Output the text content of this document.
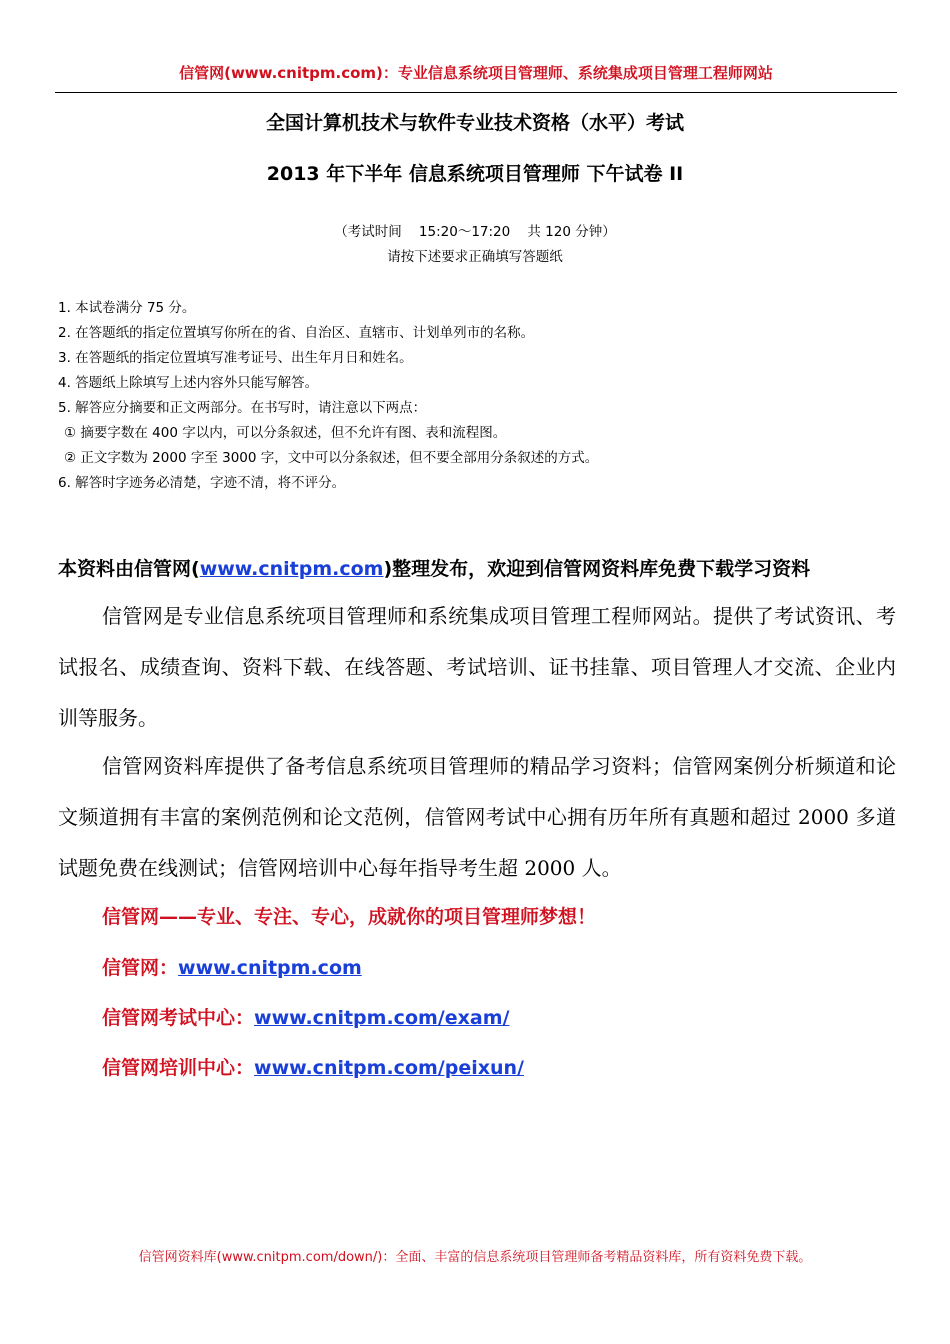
信管网(www.cnitpm.com)：专业信息系统项目管理师、系统集成项目管理工程师网站
全国计算机技术与软件专业技术资格（水平）考试
2013 年下半年 信息系统项目管理师 下午试卷 II
（考试时间    15:20～17:20    共 120 分钟）
请按下述要求正确填写答题纸
1. 本试卷满分 75 分。
2. 在答题纸的指定位置填写你所在的省、自治区、直辖市、计划单列市的名称。
3. 在答题纸的指定位置填写准考证号、出生年月日和姓名。
4. 答题纸上除填写上述内容外只能写解答。
5. 解答应分摘要和正文两部分。在书写时，请注意以下两点：
① 摘要字数在 400 字以内，可以分条叙述，但不允许有图、表和流程图。
② 正文字数为 2000 字至 3000 字，文中可以分条叙述，但不要全部用分条叙述的方式。
6. 解答时字迹务必清楚，字迹不清，将不评分。
本资料由信管网(www.cnitpm.com)整理发布，欢迎到信管网资料库免费下载学习资料

信管网是专业信息系统项目管理师和系统集成项目管理工程师网站。提供了考试资讯、考试报名、成绩查询、资料下载、在线答题、考试培训、证书挂靠、项目管理人才交流、企业内训等服务。

信管网资料库提供了备考信息系统项目管理师的精品学习资料；信管网案例分析频道和论文频道拥有丰富的案例范例和论文范例，信管网考试中心拥有历年所有真题和超过 2000 多道试题免费在线测试；信管网培训中心每年指导考生超 2000 人。

信管网——专业、专注、专心，成就你的项目管理师梦想！
信管网：www.cnitpm.com
信管网考试中心：www.cnitpm.com/exam/
信管网培训中心：www.cnitpm.com/peixun/
信管网资料库(www.cnitpm.com/down/)：全面、丰富的信息系统项目管理师备考精品资料库，所有资料免费下载。
